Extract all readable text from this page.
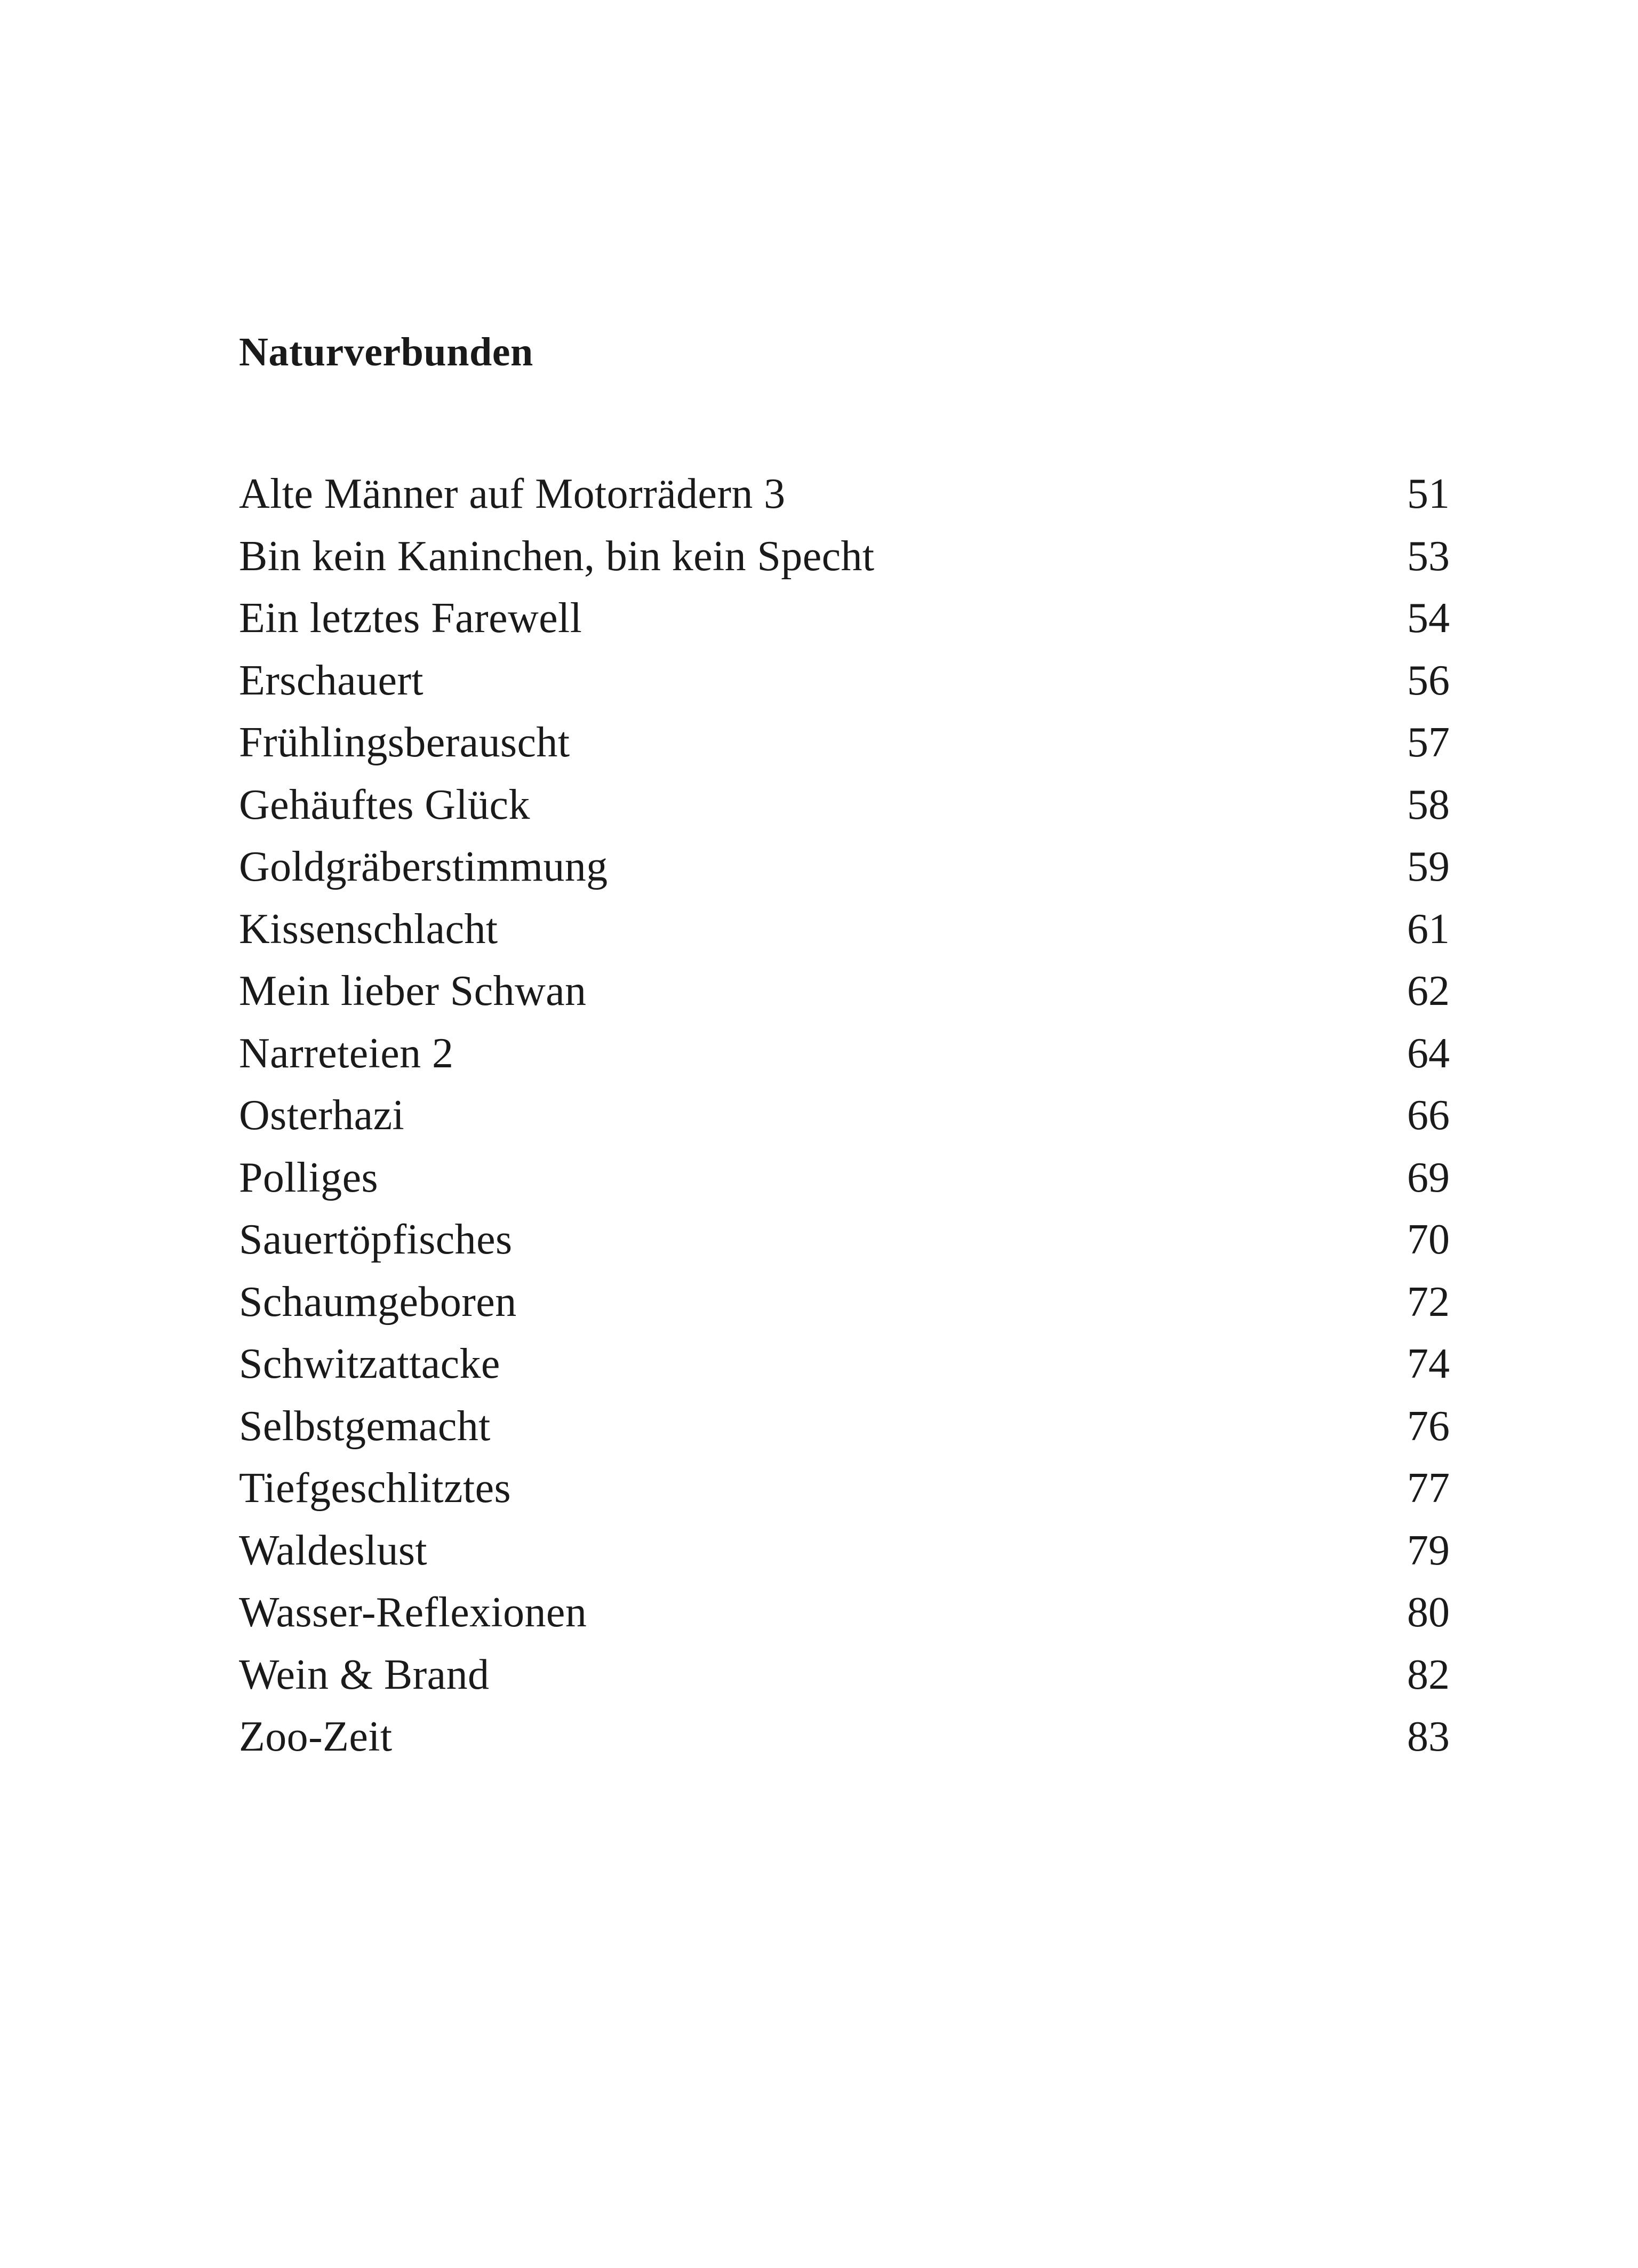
Naturverbunden
Alte Männer auf Motorrädern 3	51
Bin kein Kaninchen, bin kein Specht	53
Ein letztes Farewell	54
Erschauert	56
Frühlingsberauscht	57
Gehäuftes Glück	58
Goldgräberstimmung	59
Kissenschlacht	61
Mein lieber Schwan	62
Narreteien 2	64
Osterhazi	66
Polliges	69
Sauertöpfisches	70
Schaumgeboren	72
Schwitzattacke	74
Selbstgemacht	76
Tiefgeschlitztes	77
Waldeslust	79
Wasser-Reflexionen	80
Wein & Brand	82
Zoo-Zeit	83
